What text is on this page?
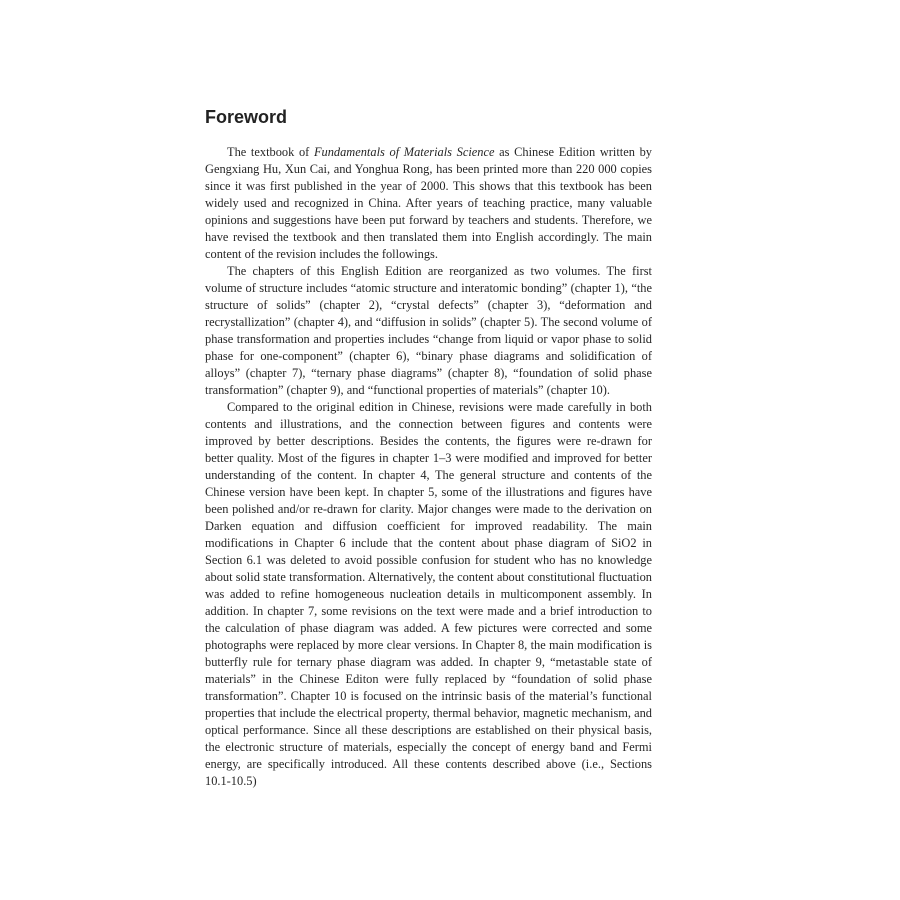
Foreword

The textbook of Fundamentals of Materials Science as Chinese Edition written by Gengxiang Hu, Xun Cai, and Yonghua Rong, has been printed more than 220 000 copies since it was first published in the year of 2000. This shows that this textbook has been widely used and recognized in China. After years of teaching practice, many valuable opinions and suggestions have been put forward by teachers and students. Therefore, we have revised the textbook and then translated them into English accordingly. The main content of the revision includes the followings.

The chapters of this English Edition are reorganized as two volumes. The first volume of structure includes “atomic structure and interatomic bonding” (chapter 1), “the structure of solids” (chapter 2), “crystal defects” (chapter 3), “deformation and recrystallization” (chapter 4), and “diffusion in solids” (chapter 5). The second volume of phase transformation and properties includes “change from liquid or vapor phase to solid phase for one-component” (chapter 6), “binary phase diagrams and solidification of alloys” (chapter 7), “ternary phase diagrams” (chapter 8), “foundation of solid phase transformation” (chapter 9), and “functional properties of materials” (chapter 10).

Compared to the original edition in Chinese, revisions were made carefully in both contents and illustrations, and the connection between figures and contents were improved by better descriptions. Besides the contents, the figures were re-drawn for better quality. Most of the figures in chapter 1–3 were modified and improved for better understanding of the content. In chapter 4, The general structure and contents of the Chinese version have been kept. In chapter 5, some of the illustrations and figures have been polished and/or re-drawn for clarity. Major changes were made to the derivation on Darken equation and diffusion coefficient for improved readability. The main modifications in Chapter 6 include that the content about phase diagram of SiO2 in Section 6.1 was deleted to avoid possible confusion for student who has no knowledge about solid state transformation. Alternatively, the content about constitutional fluctuation was added to refine homogeneous nucleation details in multicomponent assembly. In addition. In chapter 7, some revisions on the text were made and a brief introduction to the calculation of phase diagram was added. A few pictures were corrected and some photographs were replaced by more clear versions. In Chapter 8, the main modification is butterfly rule for ternary phase diagram was added. In chapter 9, “metastable state of materials” in the Chinese Editon were fully replaced by “foundation of solid phase transformation”. Chapter 10 is focused on the intrinsic basis of the material’s functional properties that include the electrical property, thermal behavior, magnetic mechanism, and optical performance. Since all these descriptions are established on their physical basis, the electronic structure of materials, especially the concept of energy band and Fermi energy, are specifically introduced. All these contents described above (i.e., Sections 10.1-10.5)
